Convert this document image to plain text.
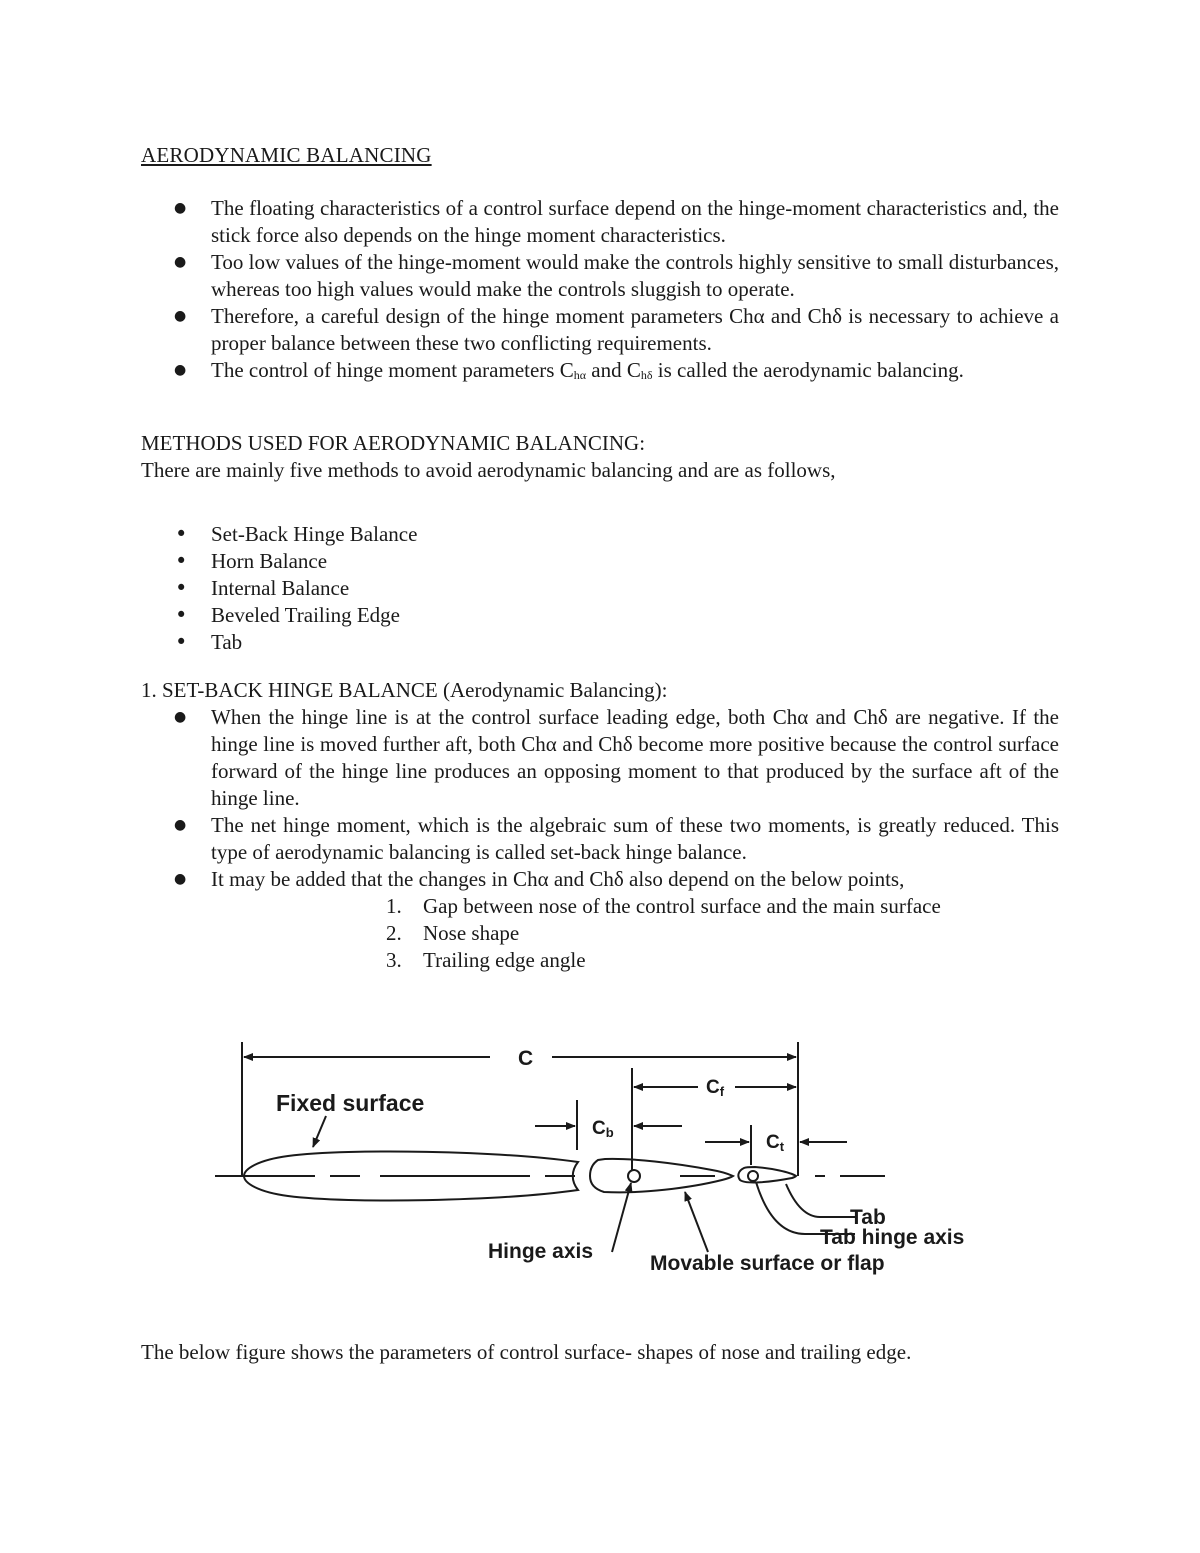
AERODYNAMIC BALANCING
● The floating characteristics of a control surface depend on the hinge-moment characteristics and, the stick force also depends on the hinge moment characteristics.
● Too low values of the hinge-moment would make the controls highly sensitive to small disturbances, whereas too high values would make the controls sluggish to operate.
● Therefore, a careful design of the hinge moment parameters Chα and Chδ is necessary to achieve a proper balance between these two conflicting requirements.
● The control of hinge moment parameters Chα and Chδ is called the aerodynamic balancing.
METHODS USED FOR AERODYNAMIC BALANCING:
There are mainly five methods to avoid aerodynamic balancing and are as follows,
• Set-Back Hinge Balance
• Horn Balance
• Internal Balance
• Beveled Trailing Edge
• Tab
1. SET-BACK HINGE BALANCE (Aerodynamic Balancing):
● When the hinge line is at the control surface leading edge, both Chα and Chδ are negative. If the hinge line is moved further aft, both Chα and Chδ become more positive because the control surface forward of the hinge line produces an opposing moment to that produced by the surface aft of the hinge line.
● The net hinge moment, which is the algebraic sum of these two moments, is greatly reduced. This type of aerodynamic balancing is called set-back hinge balance.
● It may be added that the changes in Chα and Chδ also depend on the below points,
1. Gap between nose of the control surface and the main surface
2. Nose shape
3. Trailing edge angle
C
Cf
Cb	Ct
Fixed surface
Hinge axis
Movable surface or flap
Tab
Tab hinge axis
The below figure shows the parameters of control surface- shapes of nose and trailing edge.
